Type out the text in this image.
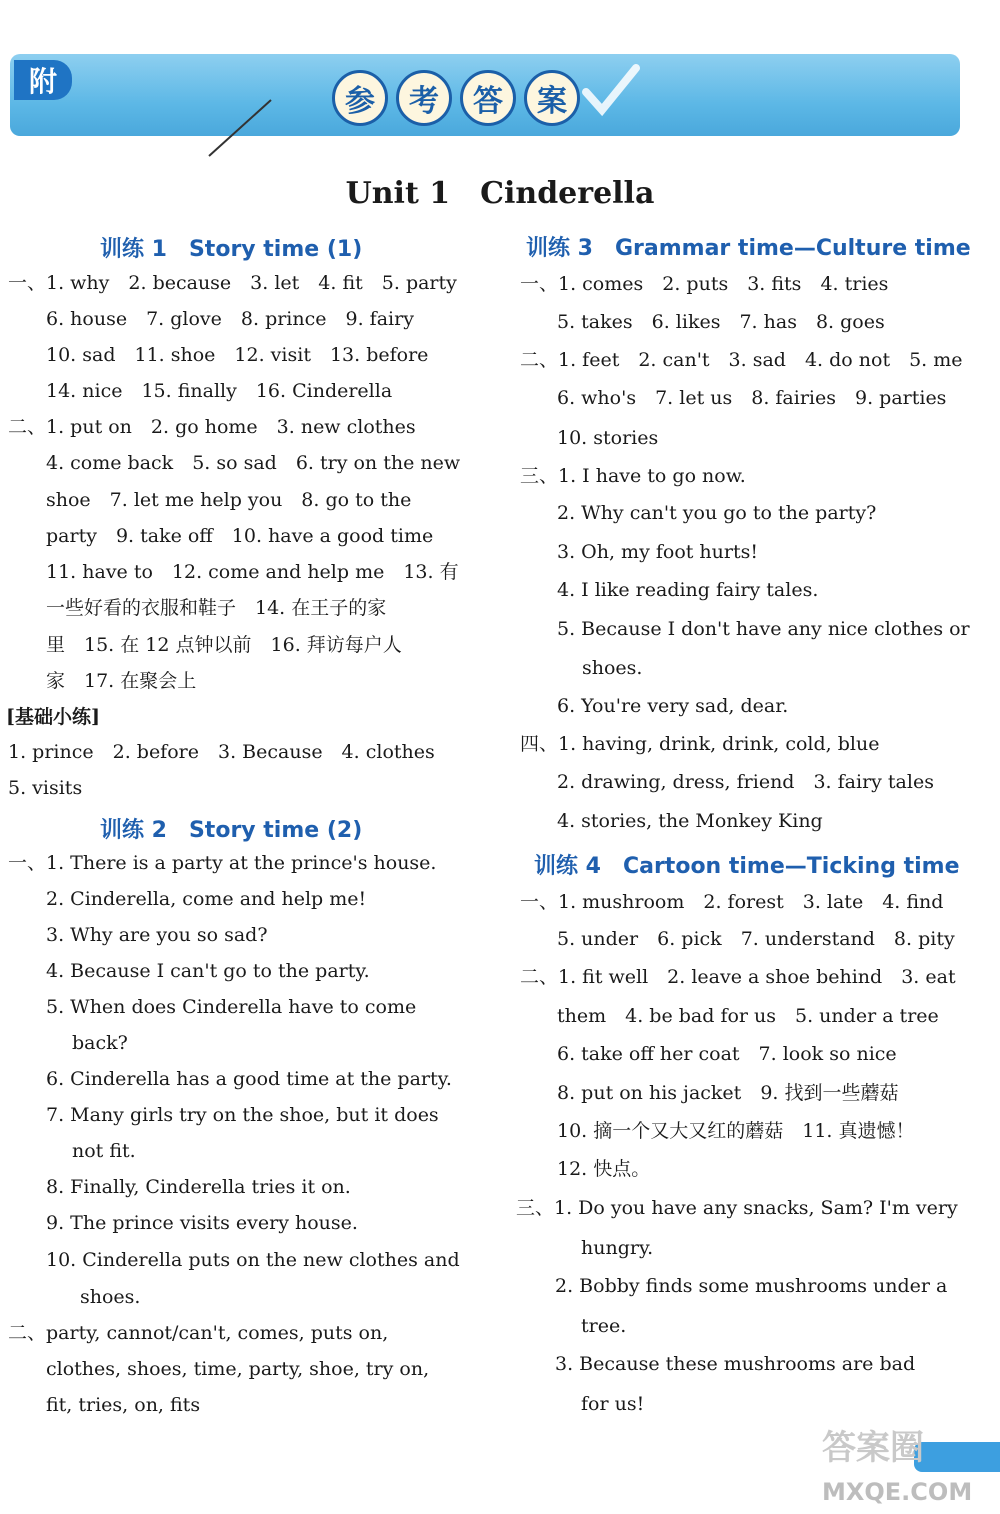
附
参	考	答	案
Unit 1　Cinderella
训练 1　Story time (1)
一、1. why　2. because　3. let　4. fit　5. party
6. house　7. glove　8. prince　9. fairy
10. sad　11. shoe　12. visit　13. before
14. nice　15. finally　16. Cinderella
二、1. put on　2. go home　3. new clothes
4. come back　5. so sad　6. try on the new
shoe　7. let me help you　8. go to the
party　9. take off　10. have a good time
11. have to　12. come and help me　13. 有
一些好看的衣服和鞋子　14. 在王子的家
里　15. 在 12 点钟以前　16. 拜访每户人
家　17. 在聚会上
[基础小练]
1. prince　2. before　3. Because　4. clothes
5. visits
训练 2　Story time (2)
一、1. There is a party at the prince's house.
2. Cinderella, come and help me!
3. Why are you so sad?
4. Because I can't go to the party.
5. When does Cinderella have to come
back?
6. Cinderella has a good time at the party.
7. Many girls try on the shoe, but it does
not fit.
8. Finally, Cinderella tries it on.
9. The prince visits every house.
10. Cinderella puts on the new clothes and
shoes.
二、party, cannot/can't, comes, puts on,
clothes, shoes, time, party, shoe, try on,
fit, tries, on, fits
训练 3　Grammar time—Culture time
一、1. comes　2. puts　3. fits　4. tries
5. takes　6. likes　7. has　8. goes
二、1. feet　2. can't　3. sad　4. do not　5. me
6. who's　7. let us　8. fairies　9. parties
10. stories
三、1. I have to go now.
2. Why can't you go to the party?
3. Oh, my foot hurts!
4. I like reading fairy tales.
5. Because I don't have any nice clothes or
shoes.
6. You're very sad, dear.
四、1. having, drink, drink, cold, blue
2. drawing, dress, friend　3. fairy tales
4. stories, the Monkey King
训练 4　Cartoon time—Ticking time
一、1. mushroom　2. forest　3. late　4. find
5. under　6. pick　7. understand　8. pity
二、1. fit well　2. leave a shoe behind　3. eat
them　4. be bad for us　5. under a tree
6. take off her coat　7. look so nice
8. put on his jacket　9. 找到一些蘑菇
10. 摘一个又大又红的蘑菇　11. 真遗憾！
12. 快点。
三、1. Do you have any snacks, Sam? I'm very
hungry.
2. Bobby finds some mushrooms under a
tree.
3. Because these mushrooms are bad
for us!
答案圈
MXQE.COM
